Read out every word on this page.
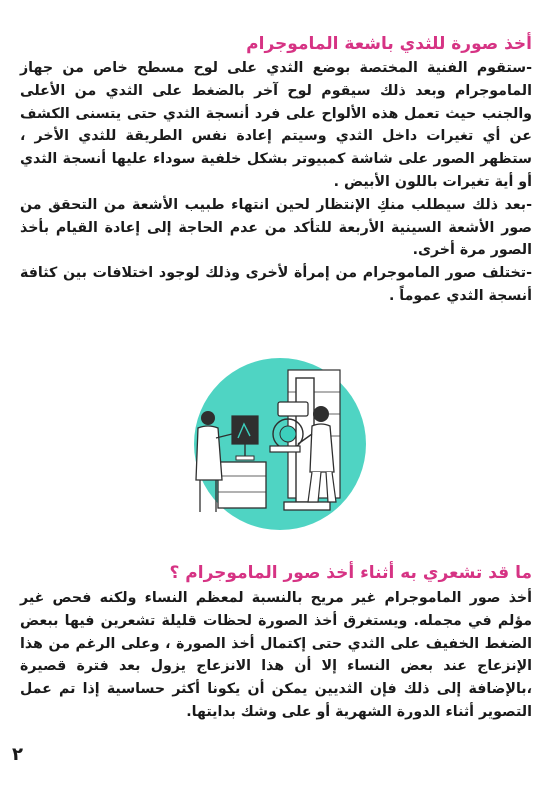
أخذ صورة للثدي باشعة الماموجرام

-ستقوم الفنية المختصة بوضع الثدي على لوح مسطح خاص من جهاز الماموجرام وبعد ذلك سيقوم لوح آخر بالضغط على الثدي من الأعلى والجنب حيث تعمل هذه الألواح على فرد أنسجة الثدي حتى يتسنى الكشف عن أي تغيرات داخل الثدي وسيتم إعادة نفس الطريقة للثدي الأخر ، ستظهر الصور على شاشة كمبيوتر بشكل خلفية سوداء عليها أنسجة الثدي أو أية تغيرات باللون الأبيض .

-بعد ذلك سيطلب منكِ الإنتظار لحين انتهاء طبيب الأشعة من التحقق من صور الأشعة السينية الأربعة للتأكد من عدم الحاجة إلى إعادة القيام بأخذ الصور مرة أخرى.

-تختلف صور الماموجرام من إمرأة لأخرى وذلك لوجود اختلافات بين كثافة أنسجة الثدي عموماً .

ما قد تشعري به أثناء أخذ صور الماموجرام ؟

أخذ صور الماموجرام غير مريح بالنسبة لمعظم النساء ولكنه فحص غير مؤلم في مجمله. ويستغرق أخذ الصورة لحظات قليلة تشعرين فيها ببعض الضغط الخفيف على الثدي حتى إكتمال أخذ الصورة ، وعلى الرغم من هذا الإنزعاج عند بعض النساء إلا أن هذا الانزعاج يزول بعد فترة قصيرة ،بالإضافة إلى ذلك فإن الثديين يمكن أن يكونا أكثر حساسية إذا تم عمل التصوير أثناء الدورة الشهرية أو على وشك بدايتها.

٢
